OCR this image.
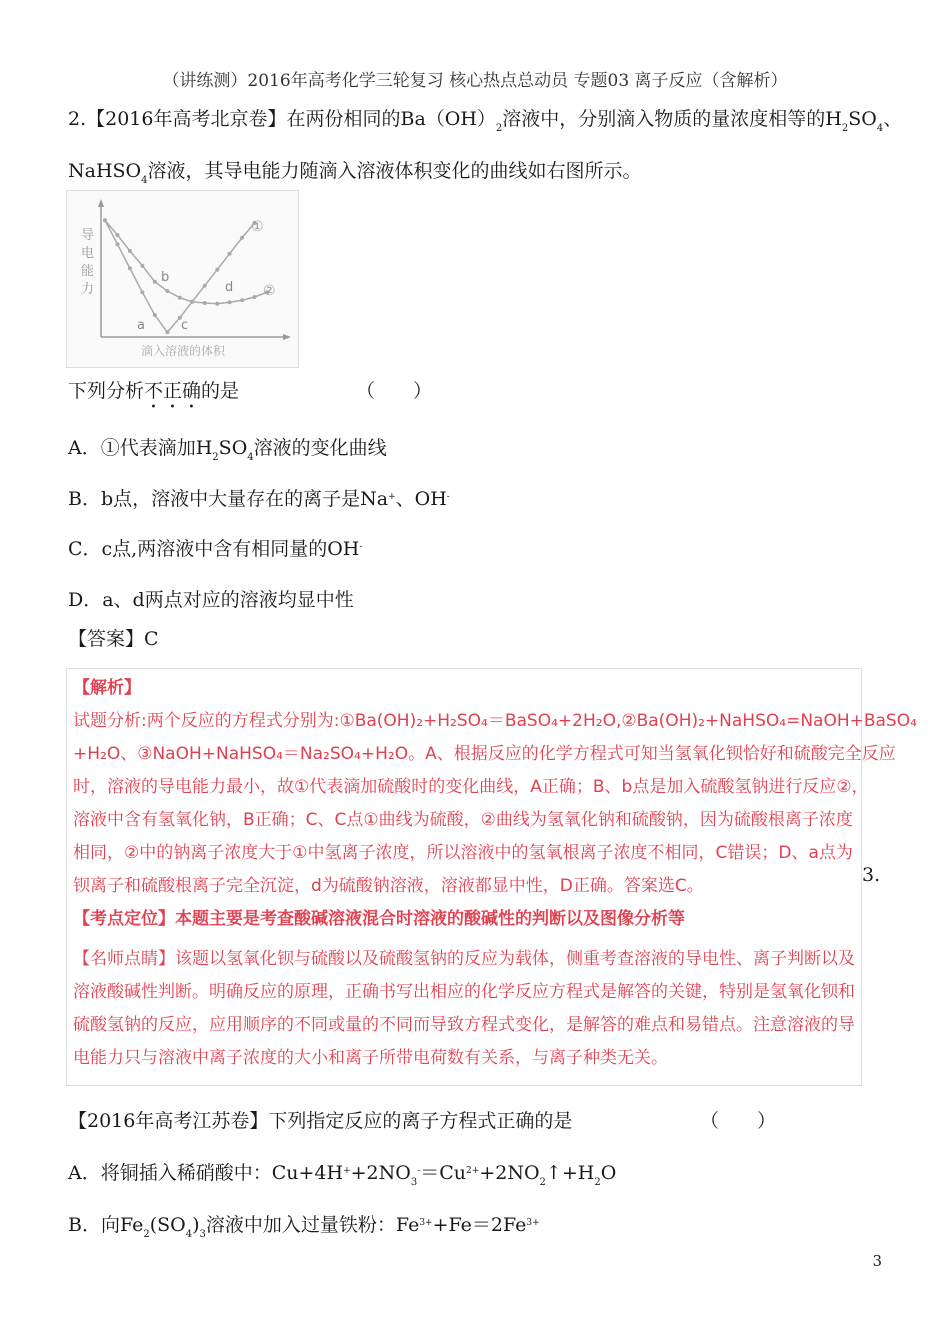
（讲练测）2016年高考化学三轮复习 核心热点总动员 专题03 离子反应（含解析）
2.【2016年高考北京卷】在两份相同的$Ba(OH)_2$溶液中，分别滴入物质的量浓度相等的$H_2SO_4$、
NaHSO$_4$溶液，其导电能力随滴入溶液体积变化的曲线如右图所示。
导
电
能
力
滴入溶液的体积
①
②
a
b
c
d
下列分析不正确的是	（　　）
A．①代表滴加$H_2SO_4$溶液的变化曲线
B．b点，溶液中大量存在的离子是Na+、OH-
C．c点,两溶液中含有相同量的OH-
D．a、d两点对应的溶液均显中性
【答案】C
【解析】
试题分析:两个反应的方程式分别为:①Ba(OH)₂+H₂SO₄＝BaSO₄+2H₂O,②Ba(OH)₂+NaHSO₄=NaOH+BaSO₄
+H₂O、③NaOH+NaHSO₄＝Na₂SO₄+H₂O。A、根据反应的化学方程式可知当氢氧化钡恰好和硫酸完全反应
时，溶液的导电能力最小，故①代表滴加硫酸时的变化曲线，A正确；B、b点是加入硫酸氢钠进行反应②，
溶液中含有氢氧化钠，B正确；C、C点①曲线为硫酸，②曲线为氢氧化钠和硫酸钠，因为硫酸根离子浓度
相同，②中的钠离子浓度大于①中氢离子浓度，所以溶液中的氢氧根离子浓度不相同，C错误；D、a点为
钡离子和硫酸根离子完全沉淀，d为硫酸钠溶液，溶液都显中性，D正确。答案选C。
【考点定位】本题主要是考查酸碱溶液混合时溶液的酸碱性的判断以及图像分析等
【名师点睛】该题以氢氧化钡与硫酸以及硫酸氢钠的反应为载体，侧重考查溶液的导电性、离子判断以及
溶液酸碱性判断。明确反应的原理，正确书写出相应的化学反应方程式是解答的关键，特别是氢氧化钡和
硫酸氢钠的反应，应用顺序的不同或量的不同而导致方程式变化，是解答的难点和易错点。注意溶液的导
电能力只与溶液中离子浓度的大小和离子所带电荷数有关系，与离子种类无关。
3.
【2016年高考江苏卷】下列指定反应的离子方程式正确的是	（　　）
A．将铜插入稀硝酸中：$Cu+4H^++2NO_3^-=Cu^{2+}+2NO_2↑+H_2O$
B．向$Fe_2(SO_4)_3$溶液中加入过量铁粉：$Fe^{3+}+Fe=2Fe^{3+}$
3
